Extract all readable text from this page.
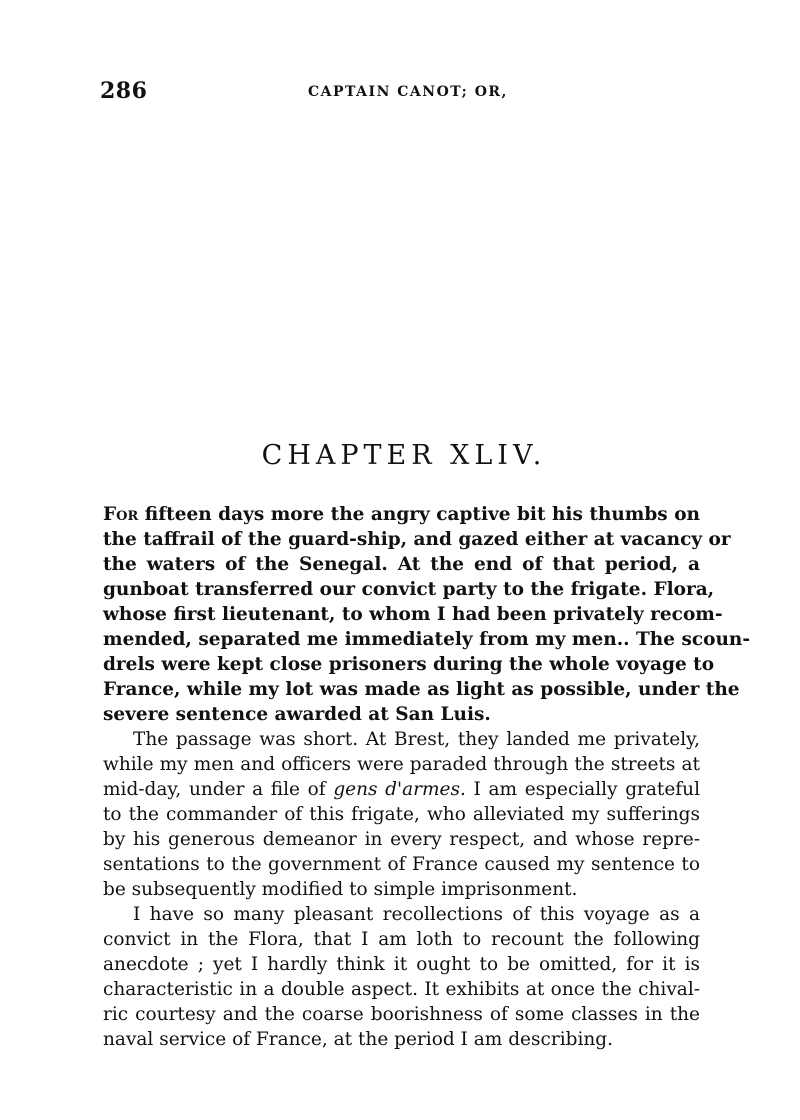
286	CAPTAIN CANOT; OR,
CHAPTER XLIV.
For fifteen days more the angry captive bit his thumbs on
the taffrail of the guard-ship, and gazed either at vacancy or
the waters of the Senegal. At the end of that period, a
gunboat transferred our convict party to the frigate. Flora,
whose first lieutenant, to whom I had been privately recom-
mended, separated me immediately from my men.. The scoun-
drels were kept close prisoners during the whole voyage to
France, while my lot was made as light as possible, under the
severe sentence awarded at San Luis.
The passage was short. At Brest, they landed me privately,
while my men and officers were paraded through the streets at
mid-day, under a file of gens d'armes. I am especially grateful
to the commander of this frigate, who alleviated my sufferings
by his generous demeanor in every respect, and whose repre-
sentations to the government of France caused my sentence to
be subsequently modified to simple imprisonment.
I have so many pleasant recollections of this voyage as a
convict in the Flora, that I am loth to recount the following
anecdote ; yet I hardly think it ought to be omitted, for it is
characteristic in a double aspect. It exhibits at once the chival-
ric courtesy and the coarse boorishness of some classes in the
naval service of France, at the period I am describing.
